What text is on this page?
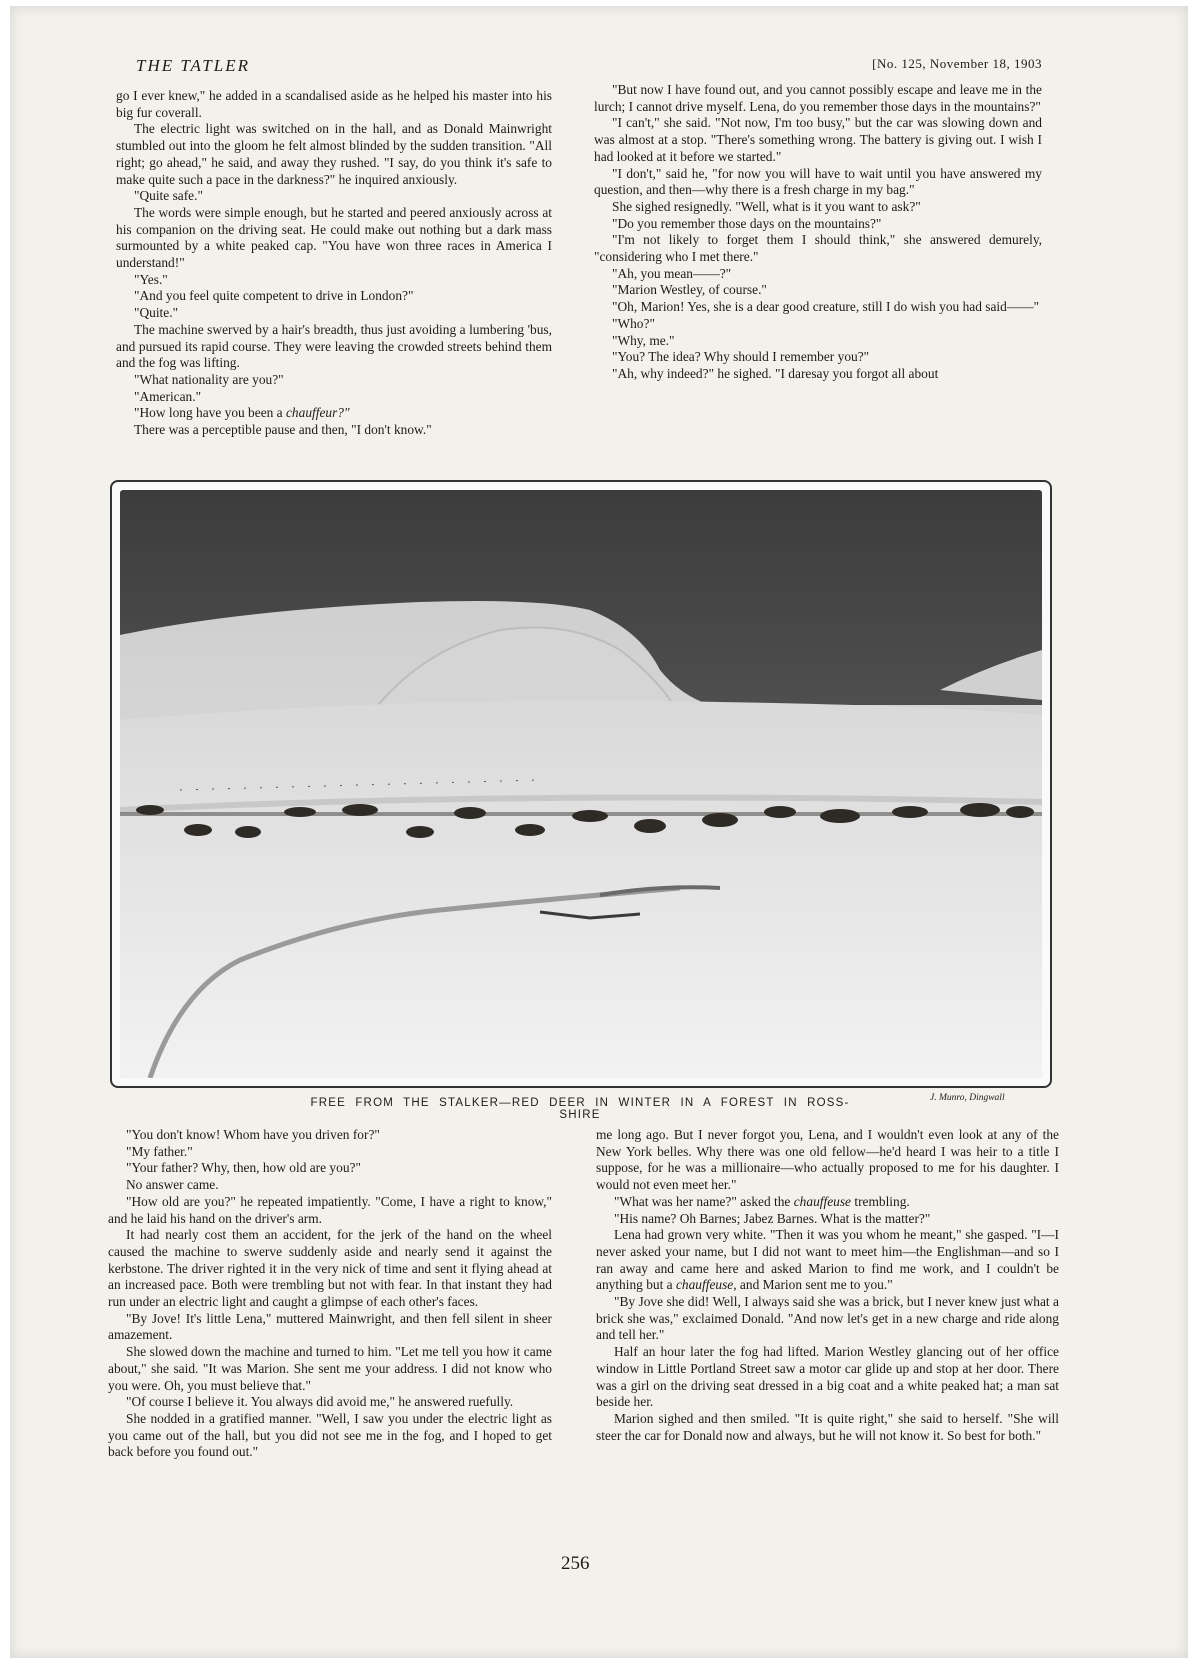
THE TATLER	[No. 125, November 18, 1903

go I ever knew," he added in a scandalised aside as he helped his master into his big fur coverall.

The electric light was switched on in the hall, and as Donald Mainwright stumbled out into the gloom he felt almost blinded by the sudden transition. "All right; go ahead," he said, and away they rushed. "I say, do you think it's safe to make quite such a pace in the darkness?" he inquired anxiously.

"Quite safe."

The words were simple enough, but he started and peered anxiously across at his companion on the driving seat. He could make out nothing but a dark mass surmounted by a white peaked cap. "You have won three races in America I understand!"

"Yes."

"And you feel quite competent to drive in London?"

"Quite."

The machine swerved by a hair's breadth, thus just avoiding a lumbering 'bus, and pursued its rapid course. They were leaving the crowded streets behind them and the fog was lifting.

"What nationality are you?"

"American."

"How long have you been a chauffeur?"

There was a perceptible pause and then, "I don't know."

"But now I have found out, and you cannot possibly escape and leave me in the lurch; I cannot drive myself. Lena, do you remember those days in the mountains?"

"I can't," she said. "Not now, I'm too busy," but the car was slowing down and was almost at a stop. "There's something wrong. The battery is giving out. I wish I had looked at it before we started."

"I don't," said he, "for now you will have to wait until you have answered my question, and then—why there is a fresh charge in my bag."

She sighed resignedly. "Well, what is it you want to ask?"

"Do you remember those days on the mountains?"

"I'm not likely to forget them I should think," she answered demurely, "considering who I met there."

"Ah, you mean——?"

"Marion Westley, of course."

"Oh, Marion! Yes, she is a dear good creature, still I do wish you had said——"

"Who?"

"Why, me."

"You? The idea? Why should I remember you?"

"Ah, why indeed?" he sighed. "I daresay you forgot all about

FREE FROM THE STALKER—RED DEER IN WINTER IN A FOREST IN ROSS-SHIRE
J. Munro, Dingwall

"You don't know! Whom have you driven for?"

"My father."

"Your father? Why, then, how old are you?"

No answer came.

"How old are you?" he repeated impatiently. "Come, I have a right to know," and he laid his hand on the driver's arm.

It had nearly cost them an accident, for the jerk of the hand on the wheel caused the machine to swerve suddenly aside and nearly send it against the kerbstone. The driver righted it in the very nick of time and sent it flying ahead at an increased pace. Both were trembling but not with fear. In that instant they had run under an electric light and caught a glimpse of each other's faces.

"By Jove! It's little Lena," muttered Mainwright, and then fell silent in sheer amazement.

She slowed down the machine and turned to him. "Let me tell you how it came about," she said. "It was Marion. She sent me your address. I did not know who you were. Oh, you must believe that."

"Of course I believe it. You always did avoid me," he answered ruefully.

She nodded in a gratified manner. "Well, I saw you under the electric light as you came out of the hall, but you did not see me in the fog, and I hoped to get back before you found out."

me long ago. But I never forgot you, Lena, and I wouldn't even look at any of the New York belles. Why there was one old fellow—he'd heard I was heir to a title I suppose, for he was a millionaire—who actually proposed to me for his daughter. I would not even meet her."

"What was her name?" asked the chauffeuse trembling.

"His name? Oh Barnes; Jabez Barnes. What is the matter?"

Lena had grown very white. "Then it was you whom he meant," she gasped. "I—I never asked your name, but I did not want to meet him—the Englishman—and so I ran away and came here and asked Marion to find me work, and I couldn't be anything but a chauffeuse, and Marion sent me to you."

"By Jove she did! Well, I always said she was a brick, but I never knew just what a brick she was," exclaimed Donald. "And now let's get in a new charge and ride along and tell her."

Half an hour later the fog had lifted. Marion Westley glancing out of her office window in Little Portland Street saw a motor car glide up and stop at her door. There was a girl on the driving seat dressed in a big coat and a white peaked hat; a man sat beside her.

Marion sighed and then smiled. "It is quite right," she said to herself. "She will steer the car for Donald now and always, but he will not know it. So best for both."

256
